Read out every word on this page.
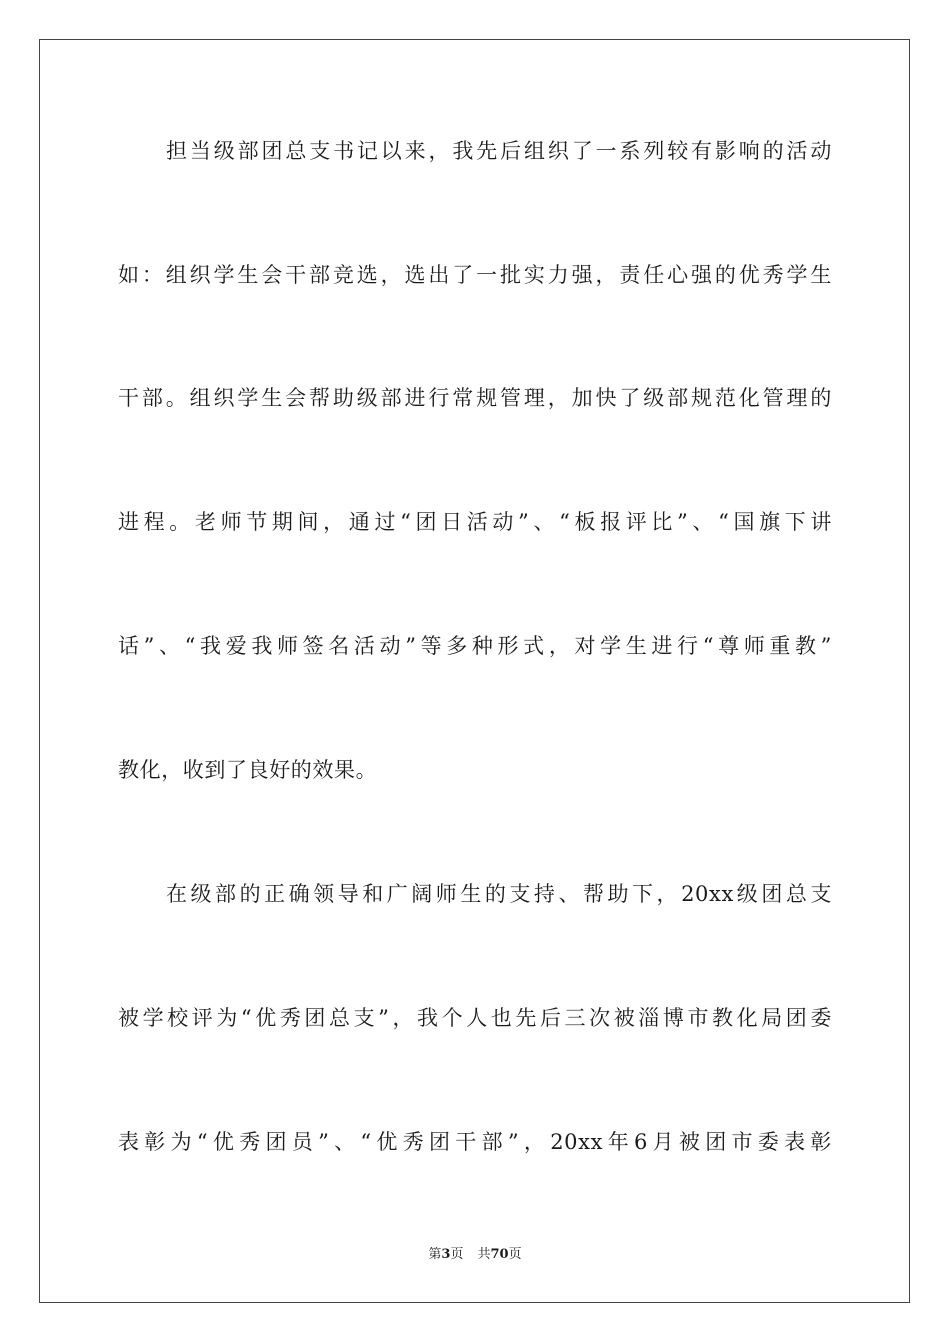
担当级部团总支书记以来，我先后组织了一系列较有影响的活动
如：组织学生会干部竞选，选出了一批实力强，责任心强的优秀学生
干部。组织学生会帮助级部进行常规管理，加快了级部规范化管理的
进程。老师节期间，通过“团日活动”、“板报评比”、“国旗下讲
话”、“我爱我师签名活动”等多种形式，对学生进行“尊师重教”
教化，收到了良好的效果。
在级部的正确领导和广阔师生的支持、帮助下，20xx级团总支
被学校评为“优秀团总支”，我个人也先后三次被淄博市教化局团委
表彰为“优秀团员”、“优秀团干部”，20xx年6月被团市委表彰
第3页 共70页
